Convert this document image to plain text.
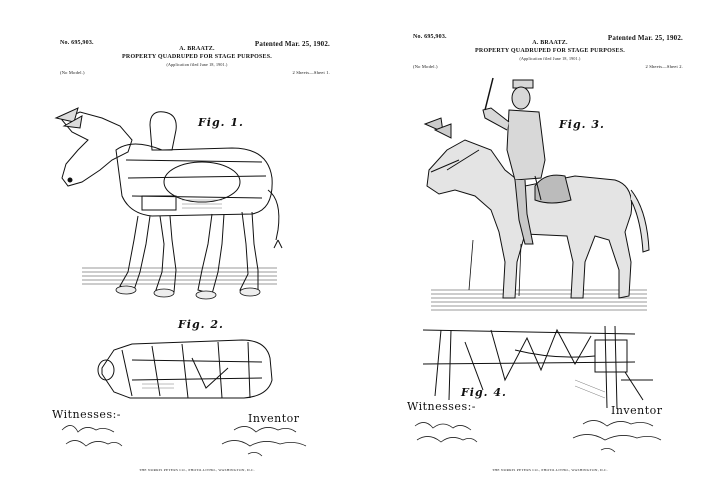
No. 695,903.	Patented Mar. 25, 1902.
A. BRAATZ.
PROPERTY QUADRUPED FOR STAGE PURPOSES.
(Application filed June 18, 1901.)
(No Model.)	2 Sheets—Sheet 1.
Fig. 1.
Fig. 2.
Witnesses:-	Inventor
THE NORRIS PETERS CO., PHOTO-LITHO., WASHINGTON, D.C.
No. 695,903.	Patented Mar. 25, 1902.
A. BRAATZ.
PROPERTY QUADRUPED FOR STAGE PURPOSES.
(Application filed June 18, 1901.)
(No Model.)	2 Sheets—Sheet 2.
Fig. 3.
Fig. 4.
Witnesses:-	Inventor
THE NORRIS PETERS CO., PHOTO-LITHO., WASHINGTON, D.C.
